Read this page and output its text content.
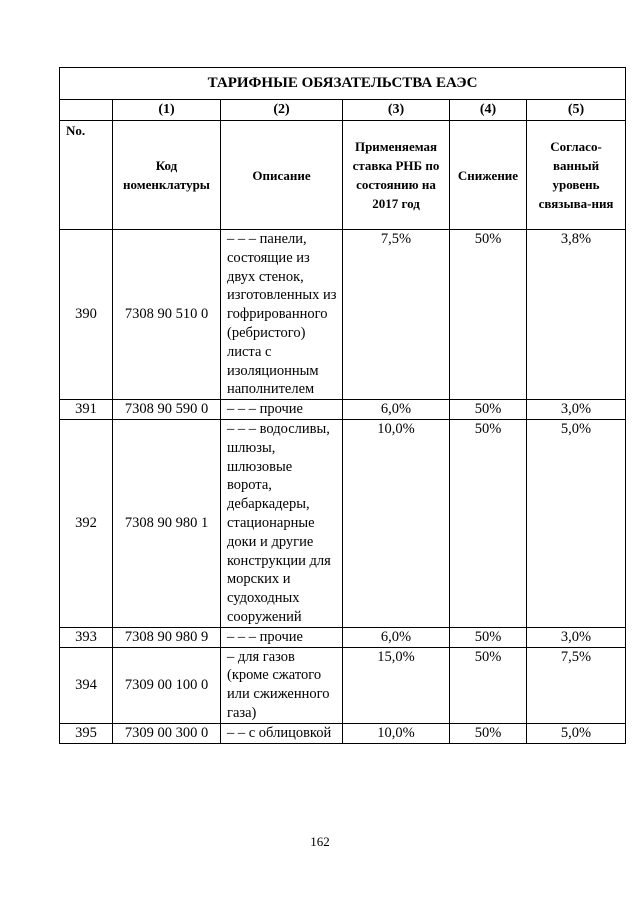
ТАРИФНЫЕ ОБЯЗАТЕЛЬСТВА ЕАЭС					
	(1)	(2)	(3)	(4)	(5)
No.	Код номенклатуры	Описание	Применяемая ставка РНБ по состоянию на 2017 год	Снижение	Согласо-ванный уровень связыва-ния
390	7308 90 510 0	– – – панели, состоящие из двух стенок, изготовленных из гофрированного (ребристого) листа с изоляционным наполнителем	7,5%	50%	3,8%
391	7308 90 590 0	– – – прочие	6,0%	50%	3,0%
392	7308 90 980 1	– – – водосливы, шлюзы, шлюзовые ворота, дебаркадеры, стационарные доки и другие конструкции для морских и судоходных сооружений	10,0%	50%	5,0%
393	7308 90 980 9	– – – прочие	6,0%	50%	3,0%
394	7309 00 100 0	– для газов (кроме сжатого или сжиженного газа)	15,0%	50%	7,5%
395	7309 00 300 0	– – с облицовкой	10,0%	50%	5,0%
162
